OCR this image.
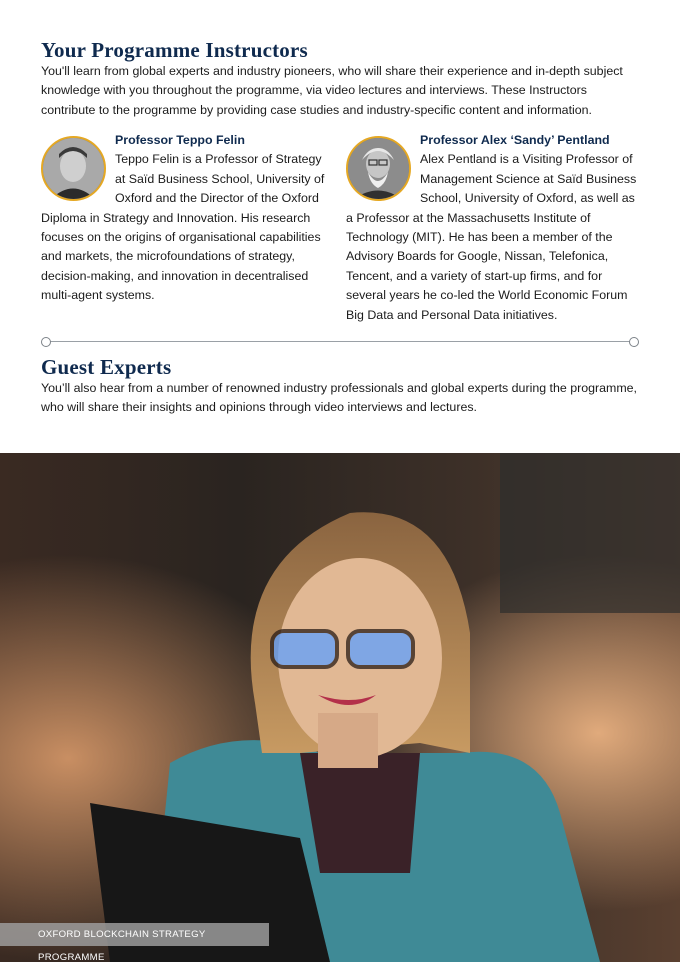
Your Programme Instructors

You'll learn from global experts and industry pioneers, who will share their experience and in-depth subject knowledge with you throughout the programme, via video lectures and interviews. These Instructors contribute to the programme by providing case studies and industry-specific content and information.

Professor Teppo Felin

Teppo Felin is a Professor of Strategy at Saïd Business School, University of Oxford and the Director of the Oxford Diploma in Strategy and Innovation. His research focuses on the origins of organisational capabilities and markets, the microfoundations of strategy, decision-making, and innovation in decentralised multi-agent systems.

Professor Alex ‘Sandy’ Pentland

Alex Pentland is a Visiting Professor of Management Science at Saïd Business School, University of Oxford, as well as a Professor at the Massachusetts Institute of Technology (MIT). He has been a member of the Advisory Boards for Google, Nissan, Telefonica, Tencent, and a variety of start-up firms, and for several years he co-led the World Economic Forum Big Data and Personal Data initiatives.

Guest Experts

You’ll also hear from a number of renowned industry professionals and global experts during the programme, who will share their insights and opinions through video interviews and lectures.

OXFORD BLOCKCHAIN STRATEGY PROGRAMME
